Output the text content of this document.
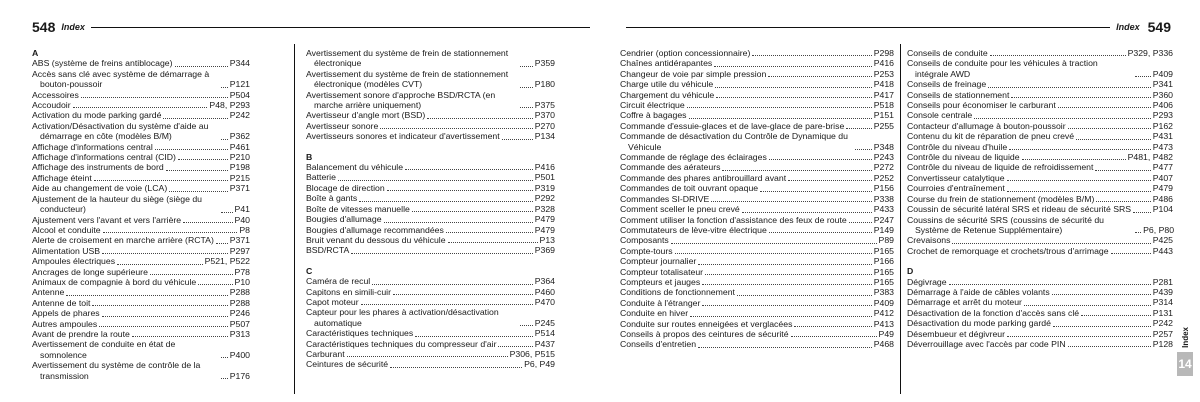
548 Index
A
ABS (système de freins antiblocage)	P344
Accès sans clé avec système de démarrage à bouton-poussoir	P121
Accessoires	P504
Accoudoir	P48, P293
Activation du mode parking gardé	P242
Activation/Désactivation du système d'aide au démarrage en côte (modèles B/M)	P362
Affichage d'informations central	P461
Affichage d'informations central (CID)	P210
Affichage des instruments de bord	P198
Affichage éteint	P215
Aide au changement de voie (LCA)	P371
Ajustement de la hauteur du siège (siège du conducteur)	P41
Ajustement vers l'avant et vers l'arrière	P40
Alcool et conduite	P8
Alerte de croisement en marche arrière (RCTA) P371
Alimentation USB	P297
Ampoules électriques	P521, P522
Ancrages de longe supérieure	P78
Animaux de compagnie à bord du véhicule	P10
Antenne	P288
Antenne de toit	P288
Appels de phares	P246
Autres ampoules	P507
Avant de prendre la route	P313
Avertissement de conduite en état de somnolence	P400
Avertissement du système de contrôle de la transmission	P176
Avertissement du système de frein de stationnement électronique	P359
Avertissement du système de frein de stationnement électronique (modèles CVT)	P180
Avertissement sonore d'approche BSD/RCTA (en marche arrière uniquement)	P375
Avertisseur d'angle mort (BSD)	P370
Avertisseur sonore	P270
Avertisseurs sonores et indicateur d'avertissement	P134
B
Balancement du véhicule	P416
Batterie	P501
Blocage de direction	P319
Boîte à gants	P292
Boîte de vitesses manuelle	P328
Bougies d'allumage	P479
Bougies d'allumage recommandées	P479
Bruit venant du dessous du véhicule	P13
BSD/RCTA	P369
C
Caméra de recul	P364
Capitons en simili-cuir	P460
Capot moteur	P470
Capteur pour les phares à activation/désactivation automatique	P245
Caractéristiques techniques	P514
Caractéristiques techniques du compresseur d'air	P437
Carburant	P306, P515
Ceintures de sécurité	P6, P49
Index 549
Cendrier (option concessionnaire)	P298
Chaînes antidérapantes	P416
Changeur de voie par simple pression	P253
Charge utile du véhicule	P418
Chargement du véhicule	P417
Circuit électrique	P518
Coffre à bagages	P151
Commande d'essuie-glaces et de lave-glace de pare-brise	P255
Commande de désactivation du Contrôle de Dynamique du Véhicule	P348
Commande de réglage des éclairages	P243
Commande des aérateurs	P272
Commande des phares antibrouillard avant	P252
Commandes de toit ouvrant opaque	P156
Commandes SI-DRIVE	P338
Comment sceller le pneu crevé	P433
Comment utiliser la fonction d'assistance des feux de route	P247
Commutateurs de lève-vitre électrique	P149
Composants	P89
Compte-tours	P165
Compteur journalier	P166
Compteur totalisateur	P165
Compteurs et jauges	P165
Conditions de fonctionnement	P383
Conduite à l'étranger	P409
Conduite en hiver	P412
Conduite sur routes enneigées et verglacées	P413
Conseils à propos des ceintures de sécurité	P49
Conseils d'entretien	P468
Conseils de conduite	P329, P336
Conseils de conduite pour les véhicules à traction intégrale AWD	P409
Conseils de freinage	P341
Conseils de stationnement	P360
Conseils pour économiser le carburant	P406
Console centrale	P293
Contacteur d'allumage à bouton-poussoir	P162
Contenu du kit de réparation de pneu crevé	P431
Contrôle du niveau d'huile	P473
Contrôle du niveau de liquide	P481, P482
Contrôle du niveau de liquide de refroidissement	P477
Convertisseur catalytique	P407
Courroies d'entraînement	P479
Course du frein de stationnement (modèles B/M)	P486
Coussin de sécurité latéral SRS et rideau de sécurité SRS P104
Coussins de sécurité SRS (coussins de sécurité du Système de Retenue Supplémentaire)	P6, P80
Crevaisons	P425
Crochet de remorquage et crochets/trous d'arrimage	P443
D
Dégivrage	P281
Démarrage à l'aide de câbles volants	P439
Démarrage et arrêt du moteur	P314
Désactivation de la fonction d'accès sans clé	P131
Désactivation du mode parking gardé	P242
Désembueur et dégivreur	P257
Déverrouillage avec l'accès par code PIN	P128 Index
14
